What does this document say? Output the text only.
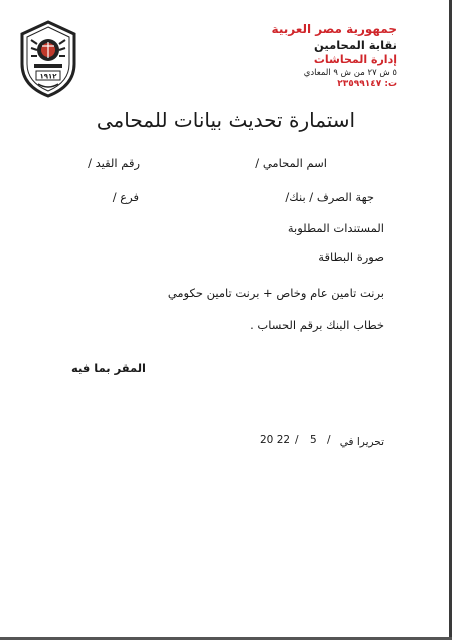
١٩١٢
جمهورية مصر العربية
نقابة المحامين
إدارة المحاشات
٥ ش ٢٧ من ش ٩ المعادي
ت: ٢٣٥٩٩١٤٧
استمارة تحديث بيانات للمحامى
اسم المحامي /
رقم القيد /
جهة الصرف / بنك/
فرع /
المستندات المطلوبة
صورة البطاقة
برنت تامين عام وخاص + برنت تامين حكومي
خطاب البنك برقم الحساب .
المقر بما فيه
تحريرا في
/
5
/
20 22
